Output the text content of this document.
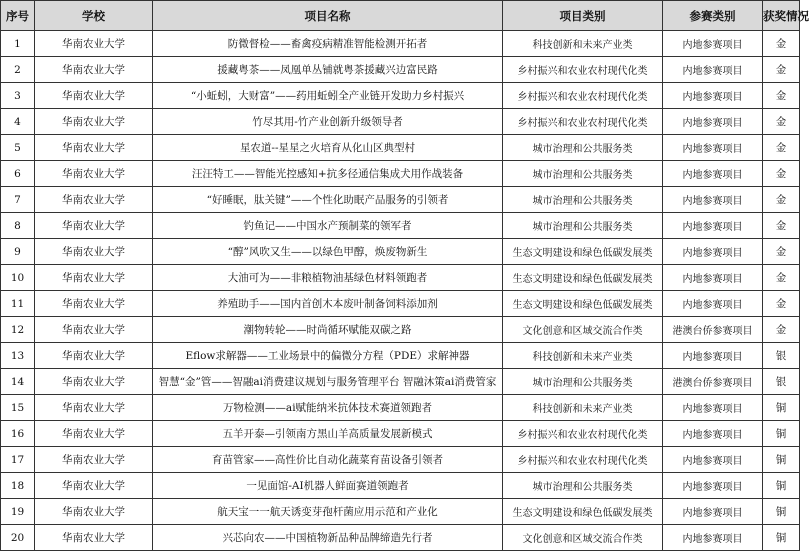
序号	学校	项目名称	项目类别	参赛类别	获奖情况
1	华南农业大学	防微督检——畜禽疫病精准智能检测开拓者	科技创新和未来产业类	内地参赛项目	金
2	华南农业大学	援藏粤茶——凤凰单丛铺就粤茶援藏兴边富民路	乡村振兴和农业农村现代化类	内地参赛项目	金
3	华南农业大学	“小蚯蚓，大财富”——药用蚯蚓全产业链开发助力乡村振兴	乡村振兴和农业农村现代化类	内地参赛项目	金
4	华南农业大学	竹尽其用-竹产业创新升级领导者	乡村振兴和农业农村现代化类	内地参赛项目	金
5	华南农业大学	星农道--星星之火培育从化山区典型村	城市治理和公共服务类	内地参赛项目	金
6	华南农业大学	汪汪特工——智能光控感知+抗多径通信集成犬用作战装备	城市治理和公共服务类	内地参赛项目	金
7	华南农业大学	“好睡眠，肽关键”——个性化助眠产品服务的引领者	城市治理和公共服务类	内地参赛项目	金
8	华南农业大学	钓鱼记——中国水产预制菜的领军者	城市治理和公共服务类	内地参赛项目	金
9	华南农业大学	“醇”风吹又生——以绿色甲醇，焕废物新生	生态文明建设和绿色低碳发展类	内地参赛项目	金
10	华南农业大学	大油可为——非粮植物油基绿色材料领跑者	生态文明建设和绿色低碳发展类	内地参赛项目	金
11	华南农业大学	养殖助手——国内首创木本废叶制备饲料添加剂	生态文明建设和绿色低碳发展类	内地参赛项目	金
12	华南农业大学	潮物转轮——时尚循环赋能双碳之路	文化创意和区域交流合作类	港澳台侨参赛项目	金
13	华南农业大学	Eflow求解器——工业场景中的偏微分方程（PDE）求解神器	科技创新和未来产业类	内地参赛项目	银
14	华南农业大学	智慧“金”管——智融ai消费建议规划与服务管理平台 智融沐策ai消费管家	城市治理和公共服务类	港澳台侨参赛项目	银
15	华南农业大学	万物检测——ai赋能纳米抗体技术赛道领跑者	科技创新和未来产业类	内地参赛项目	铜
16	华南农业大学	五羊开泰—引领南方黑山羊高质量发展新模式	乡村振兴和农业农村现代化类	内地参赛项目	铜
17	华南农业大学	育苗管家——高性价比自动化蔬菜育苗设备引领者	乡村振兴和农业农村现代化类	内地参赛项目	铜
18	华南农业大学	一见面馆-AI机器人鲜面赛道领跑者	城市治理和公共服务类	内地参赛项目	铜
19	华南农业大学	航天宝一一航天诱变芽孢杆菌应用示范和产业化	生态文明建设和绿色低碳发展类	内地参赛项目	铜
20	华南农业大学	兴芯向农——中国植物新品种品牌缔造先行者	文化创意和区域交流合作类	内地参赛项目	铜
